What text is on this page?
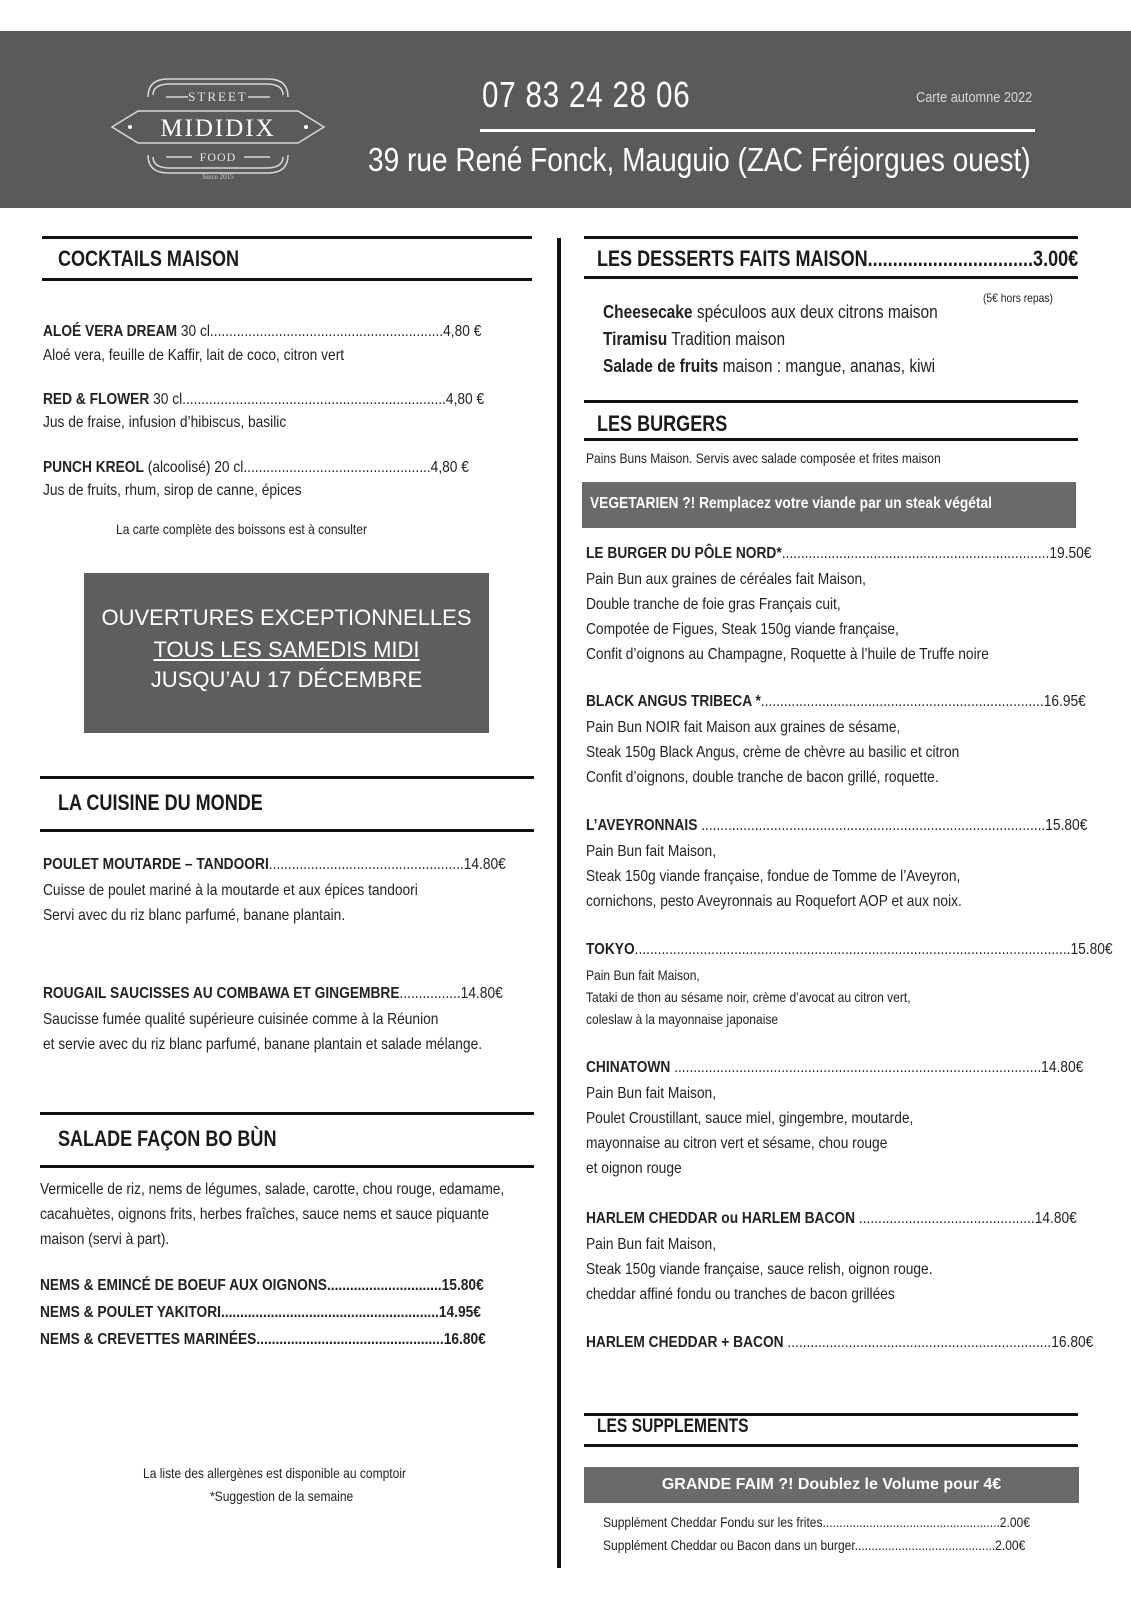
STREET
MIDIDIX
FOOD
Since 2015
07 83 24 28 06	Carte automne 2022
39 rue René Fonck, Mauguio (ZAC Fréjorgues ouest)
COCKTAILS MAISON
ALOÉ VERA DREAM 30 cl.............................................................4,80 €
Aloé vera, feuille de Kaffir, lait de coco, citron vert
RED & FLOWER 30 cl.....................................................................4,80 €
Jus de fraise, infusion d’hibiscus, basilic
PUNCH KREOL (alcoolisé) 20 cl.................................................4,80 €
Jus de fruits, rhum, sirop de canne, épices
La carte complète des boissons est à consulter
OUVERTURES EXCEPTIONNELLES
TOUS LES SAMEDIS MIDI
JUSQU’AU 17 DÉCEMBRE
LA CUISINE DU MONDE
POULET MOUTARDE – TANDOORI...................................................14.80€
Cuisse de poulet mariné à la moutarde et aux épices tandoori
Servi avec du riz blanc parfumé, banane plantain.
ROUGAIL SAUCISSES AU COMBAWA ET GINGEMBRE................14.80€
Saucisse fumée qualité supérieure cuisinée comme à la Réunion
et servie avec du riz blanc parfumé, banane plantain et salade mélange.
SALADE FAÇON BO BÙN
Vermicelle de riz, nems de légumes, salade, carotte, chou rouge, edamame,
cacahuètes, oignons frits, herbes fraîches, sauce nems et sauce piquante
maison (servi à part).
NEMS & EMINCÉ DE BOEUF AUX OIGNONS..............................15.80€
NEMS & POULET YAKITORI.........................................................14.95€
NEMS & CREVETTES MARINÉES.................................................16.80€
La liste des allergènes est disponible au comptoir
*Suggestion de la semaine
LES DESSERTS FAITS MAISON.................................3.00€
(5€ hors repas)
Cheesecake spéculoos aux deux citrons maison
Tiramisu Tradition maison
Salade de fruits maison : mangue, ananas, kiwi
LES BURGERS
Pains Buns Maison. Servis avec salade composée et frites maison
VEGETARIEN ?! Remplacez votre viande par un steak végétal
LE BURGER DU PÔLE NORD*......................................................................19.50€
Pain Bun aux graines de céréales fait Maison,
Double tranche de foie gras Français cuit,
Compotée de Figues, Steak 150g viande française,
Confit d’oignons au Champagne, Roquette à l’huile de Truffe noire
BLACK ANGUS TRIBECA *..........................................................................16.95€
Pain Bun NOIR fait Maison aux graines de sésame,
Steak 150g Black Angus, crème de chèvre au basilic et citron
Confit d’oignons, double tranche de bacon grillé, roquette.
L’AVEYRONNAIS ..........................................................................................15.80€
Pain Bun fait Maison,
Steak 150g viande française, fondue de Tomme de l’Aveyron,
cornichons, pesto Aveyronnais au Roquefort AOP et aux noix.
TOKYO..................................................................................................................15.80€
Pain Bun fait Maison,
Tataki de thon au sésame noir, crème d’avocat au citron vert,
coleslaw à la mayonnaise japonaise
CHINATOWN ................................................................................................14.80€
Pain Bun fait Maison,
Poulet Croustillant, sauce miel, gingembre, moutarde,
mayonnaise au citron vert et sésame, chou rouge
et oignon rouge
HARLEM CHEDDAR ou HARLEM BACON ..............................................14.80€
Pain Bun fait Maison,
Steak 150g viande française, sauce relish, oignon rouge.
cheddar affiné fondu ou tranches de bacon grillées
HARLEM CHEDDAR + BACON .....................................................................16.80€
LES SUPPLEMENTS
GRANDE FAIM ?! Doublez le Volume pour 4€
Supplément Cheddar Fondu sur les frites.....................................................2.00€
Supplément Cheddar ou Bacon dans un burger..........................................2.00€
